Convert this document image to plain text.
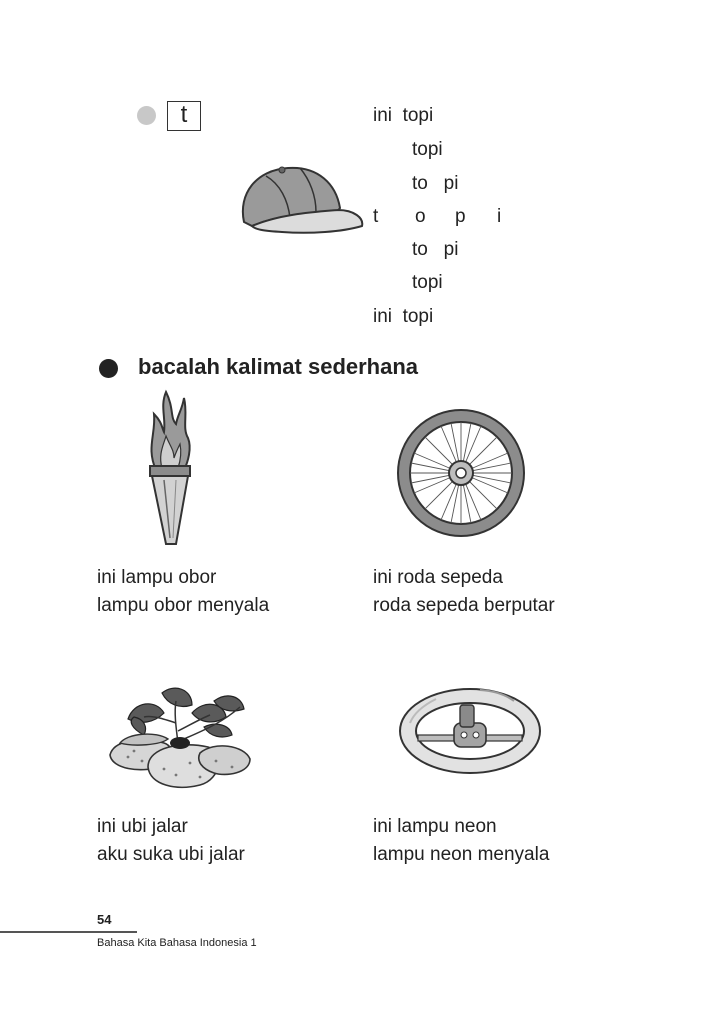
t	ini  topi
topi
to   pi
t o p i
to   pi
topi
ini  topi
bacalah kalimat sederhana
ini lampu obor
lampu obor menyala
ini roda sepeda
roda sepeda berputar
ini ubi jalar
aku suka ubi jalar
ini lampu neon
lampu neon menyala
54
Bahasa Kita Bahasa Indonesia 1
